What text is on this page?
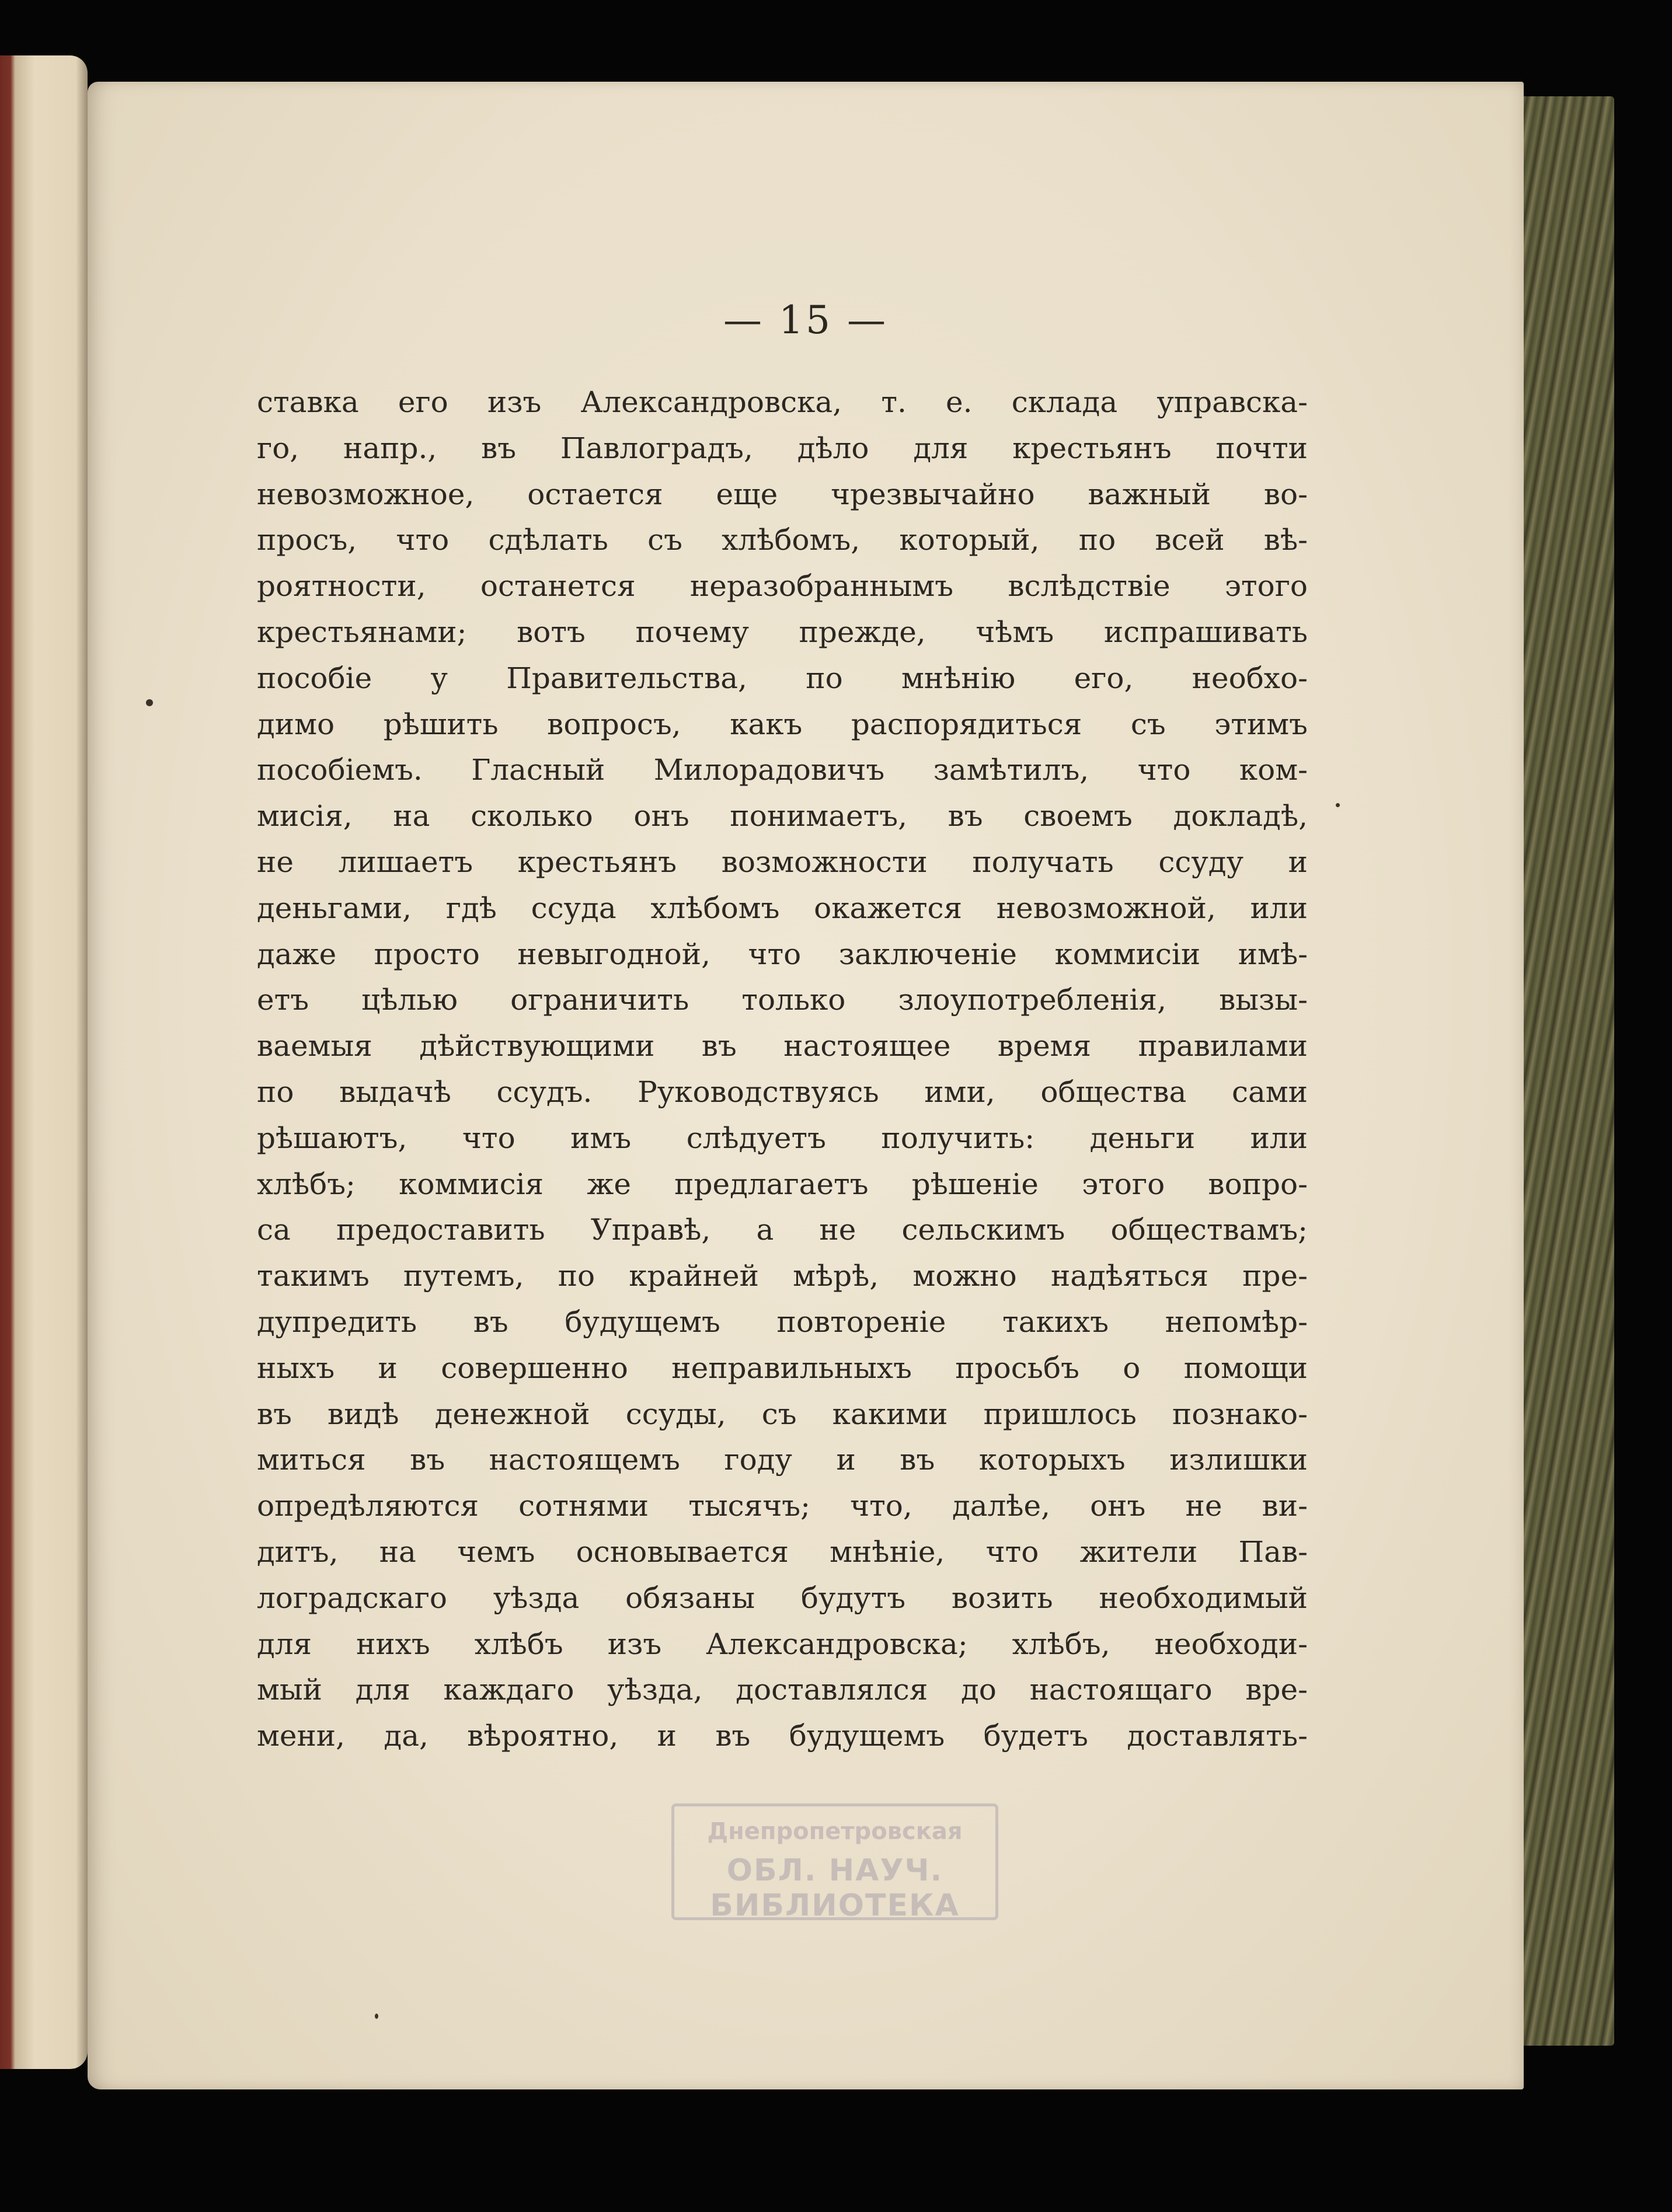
— 15 —
ставка его изъ Александровска, т. е. склада управска-
го, напр., въ Павлоградъ, дѣло для крестьянъ почти
невозможное, остается еще чрезвычайно важный во-
просъ, что сдѣлать съ хлѣбомъ, который, по всей вѣ-
роятности, останется неразобраннымъ вслѣдствіе этого
крестьянами; вотъ почему прежде, чѣмъ испрашивать
пособіе у Правительства, по мнѣнію его, необхо-
димо рѣшить вопросъ, какъ распорядиться съ этимъ
пособіемъ. Гласный Милорадовичъ замѣтилъ, что ком-
мисія, на сколько онъ понимаетъ, въ своемъ докладѣ,
не лишаетъ крестьянъ возможности получать ссуду и
деньгами, гдѣ ссуда хлѣбомъ окажется невозможной, или
даже просто невыгодной, что заключеніе коммисіи имѣ-
етъ цѣлью ограничить только злоупотребленія, вызы-
ваемыя дѣйствующими въ настоящее время правилами
по выдачѣ ссудъ. Руководствуясь ими, общества сами
рѣшаютъ, что имъ слѣдуетъ получить: деньги или
хлѣбъ; коммисія же предлагаетъ рѣшеніе этого вопро-
са предоставить Управѣ, а не сельскимъ обществамъ;
такимъ путемъ, по крайней мѣрѣ, можно надѣяться пре-
дупредить въ будущемъ повтореніе такихъ непомѣр-
ныхъ и совершенно неправильныхъ просьбъ о помощи
въ видѣ денежной ссуды, съ какими пришлось познако-
миться въ настоящемъ году и въ которыхъ излишки
опредѣляются сотнями тысячъ; что, далѣе, онъ не ви-
дитъ, на чемъ основывается мнѣніе, что жители Пав-
лоградскаго уѣзда обязаны будутъ возить необходимый
для нихъ хлѣбъ изъ Александровска; хлѣбъ, необходи-
мый для каждаго уѣзда, доставлялся до настоящаго вре-
мени, да, вѣроятно, и въ будущемъ будетъ доставлять-
Днепропетровская
ОБЛ. НАУЧ. БИБЛИОТЕКА
